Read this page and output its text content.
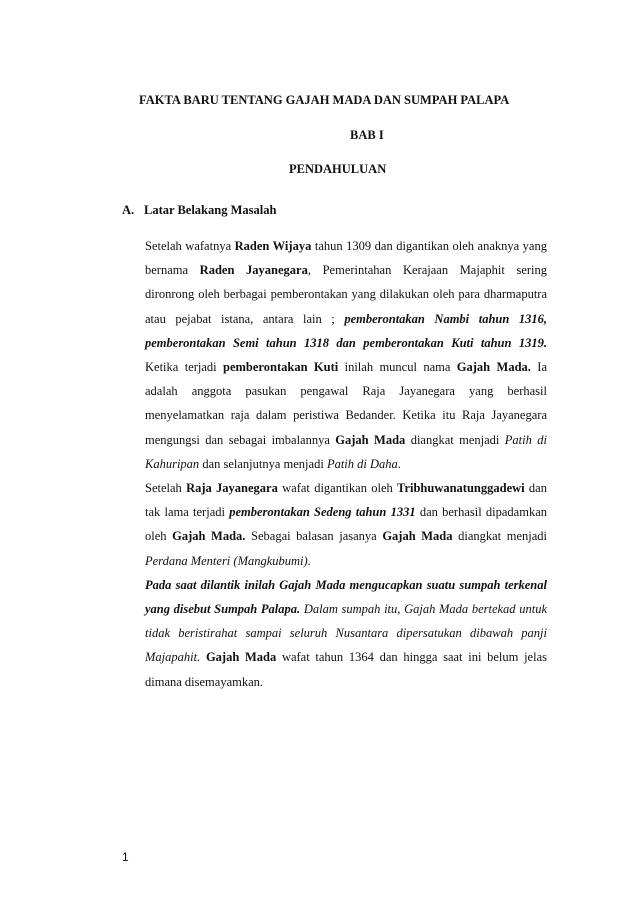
FAKTA BARU TENTANG GAJAH MADA DAN SUMPAH PALAPA
BAB I
PENDAHULUAN
A. Latar Belakang Masalah

Setelah wafatnya Raden Wijaya tahun 1309 dan digantikan oleh anaknya yang bernama Raden Jayanegara, Pemerintahan Kerajaan Majaphit sering dironrong oleh berbagai pemberontakan yang dilakukan oleh para dharmaputra atau pejabat istana, antara lain ; pemberontakan Nambi tahun 1316, pemberontakan Semi tahun 1318 dan pemberontakan Kuti tahun 1319. Ketika terjadi pemberontakan Kuti inilah muncul nama Gajah Mada. Ia adalah anggota pasukan pengawal Raja Jayanegara yang berhasil menyelamatkan raja dalam peristiwa Bedander. Ketika itu Raja Jayanegara mengungsi dan sebagai imbalannya Gajah Mada diangkat menjadi Patih di Kahuripan dan selanjutnya menjadi Patih di Daha.

Setelah Raja Jayanegara wafat digantikan oleh Tribhuwanatunggadewi dan tak lama terjadi pemberontakan Sedeng tahun 1331 dan berhasil dipadamkan oleh Gajah Mada. Sebagai balasan jasanya Gajah Mada diangkat menjadi Perdana Menteri (Mangkubumi).

Pada saat dilantik inilah Gajah Mada mengucapkan suatu sumpah terkenal yang disebut Sumpah Palapa. Dalam sumpah itu, Gajah Mada bertekad untuk tidak beristirahat sampai seluruh Nusantara dipersatukan dibawah panji Majapahit. Gajah Mada wafat tahun 1364 dan hingga saat ini belum jelas dimana disemayamkan.

1
